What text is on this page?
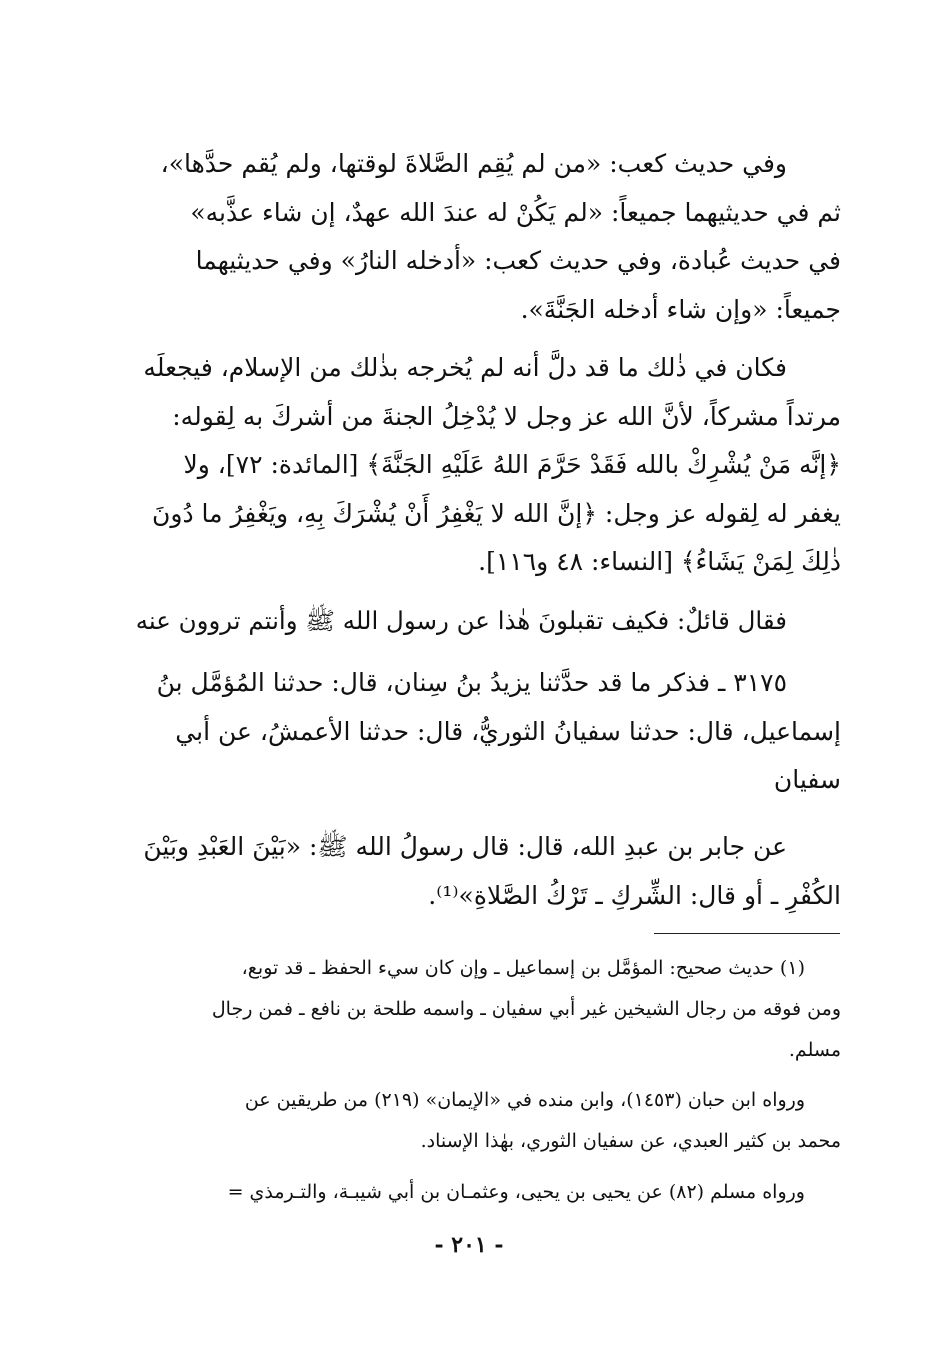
وفي حديث كعب: «من لم يُقِم الصَّلاةَ لوقتها، ولم يُقم حدَّها»،
ثم في حديثيهما جميعاً: «لم يَكُنْ له عندَ الله عهدٌ، إن شاء عذَّبه»
في حديث عُبادة، وفي حديث كعب: «أدخله النارُ» وفي حديثيهما
جميعاً: «وإن شاء أدخله الجَنَّةَ».
فكان في ذٰلك ما قد دلَّ أنه لم يُخرجه بذٰلك من الإسلام، فيجعلَه
مرتداً مشركاً، لأنَّ الله عز وجل لا يُدْخِلُ الجنةَ من أشركَ به لِقوله:
﴿إنَّه مَنْ يُشْرِكْ بالله فَقَدْ حَرَّمَ اللهُ عَلَيْهِ الجَنَّةَ﴾ [المائدة: ٧٢]، ولا
يغفر له لِقوله عز وجل: ﴿إنَّ الله لا يَغْفِرُ أَنْ يُشْرَكَ بِهِ، ويَغْفِرُ ما دُونَ
ذٰلِكَ لِمَنْ يَشَاءُ﴾ [النساء: ٤٨ و١١٦].
فقال قائلٌ: فكيف تقبلونَ هٰذا عن رسول الله ﷺ وأنتم تروون عنه
٣١٧٥ ـ فذكر ما قد حدَّثنا يزيدُ بنُ سِنان، قال: حدثنا المُؤمَّل بنُ
إسماعيل، قال: حدثنا سفيانُ الثوريُّ، قال: حدثنا الأعمشُ، عن أبي
سفيان
عن جابر بن عبدِ الله، قال: قال رسولُ الله ﷺ: «بَيْنَ العَبْدِ وبَيْنَ
الكُفْرِ ـ أو قال: الشِّركِ ـ تَرْكُ الصَّلاةِ»⁽¹⁾.
(١) حديث صحيح: المؤمَّل بن إسماعيل ـ وإن كان سيء الحفظ ـ قد توبع،
ومن فوقه من رجال الشيخين غير أبي سفيان ـ واسمه طلحة بن نافع ـ فمن رجال
مسلم.
ورواه ابن حبان (١٤٥٣)، وابن منده في «الإيمان» (٢١٩) من طريقين عن
محمد بن كثير العبدي، عن سفيان الثوري، بهٰذا الإسناد.
ورواه مسلم (٨٢) عن يحيى بن يحيى، وعثمـان بن أبي شيبـة، والتـرمذي =
- ٢٠١ -
